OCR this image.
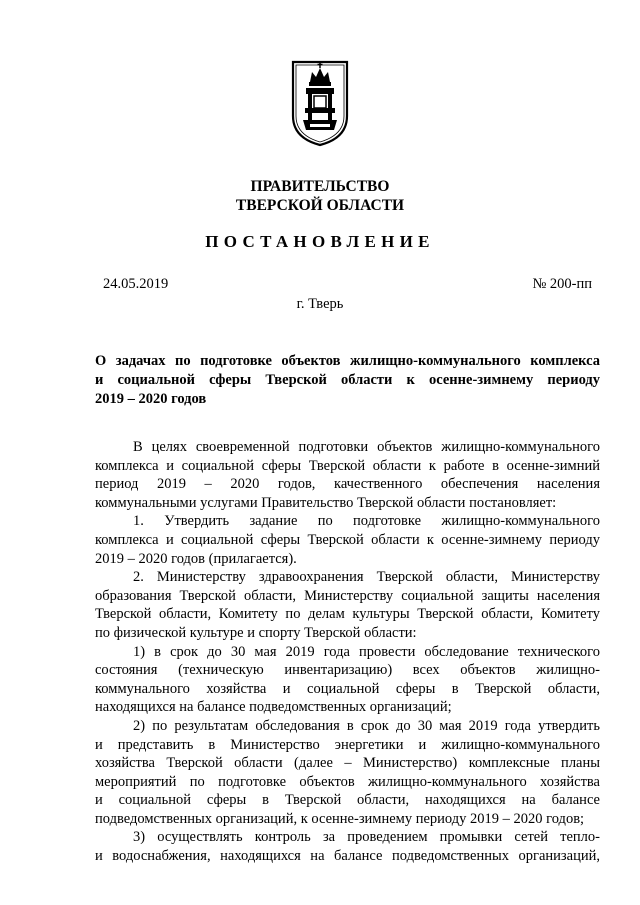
ПРАВИТЕЛЬСТВО
ТВЕРСКОЙ ОБЛАСТИ
ПОСТАНОВЛЕНИЕ
24.05.2019	№ 200-пп
г. Тверь
О задачах по подготовке объектов жилищно-коммунального комплекса
и социальной сферы Тверской области к осенне-зимнему периоду
2019 – 2020 годов
В целях своевременной подготовки объектов жилищно-коммунального
комплекса и социальной сферы Тверской области к работе в осенне-зимний
период 2019 – 2020 годов, качественного обеспечения населения
коммунальными услугами Правительство Тверской области постановляет:
1. Утвердить задание по подготовке жилищно-коммунального
комплекса и социальной сферы Тверской области к осенне-зимнему периоду
2019 – 2020 годов (прилагается).
2. Министерству здравоохранения Тверской области, Министерству
образования Тверской области, Министерству социальной защиты населения
Тверской области, Комитету по делам культуры Тверской области, Комитету
по физической культуре и спорту Тверской области:
1) в срок до 30 мая 2019 года провести обследование технического
состояния (техническую инвентаризацию) всех объектов жилищно-
коммунального хозяйства и социальной сферы в Тверской области,
находящихся на балансе подведомственных организаций;
2) по результатам обследования в срок до 30 мая 2019 года утвердить
и представить в Министерство энергетики и жилищно-коммунального
хозяйства Тверской области (далее – Министерство) комплексные планы
мероприятий по подготовке объектов жилищно-коммунального хозяйства
и социальной сферы в Тверской области, находящихся на балансе
подведомственных организаций, к осенне-зимнему периоду 2019 – 2020 годов;
3) осуществлять контроль за проведением промывки сетей тепло-
и водоснабжения, находящихся на балансе подведомственных организаций,
